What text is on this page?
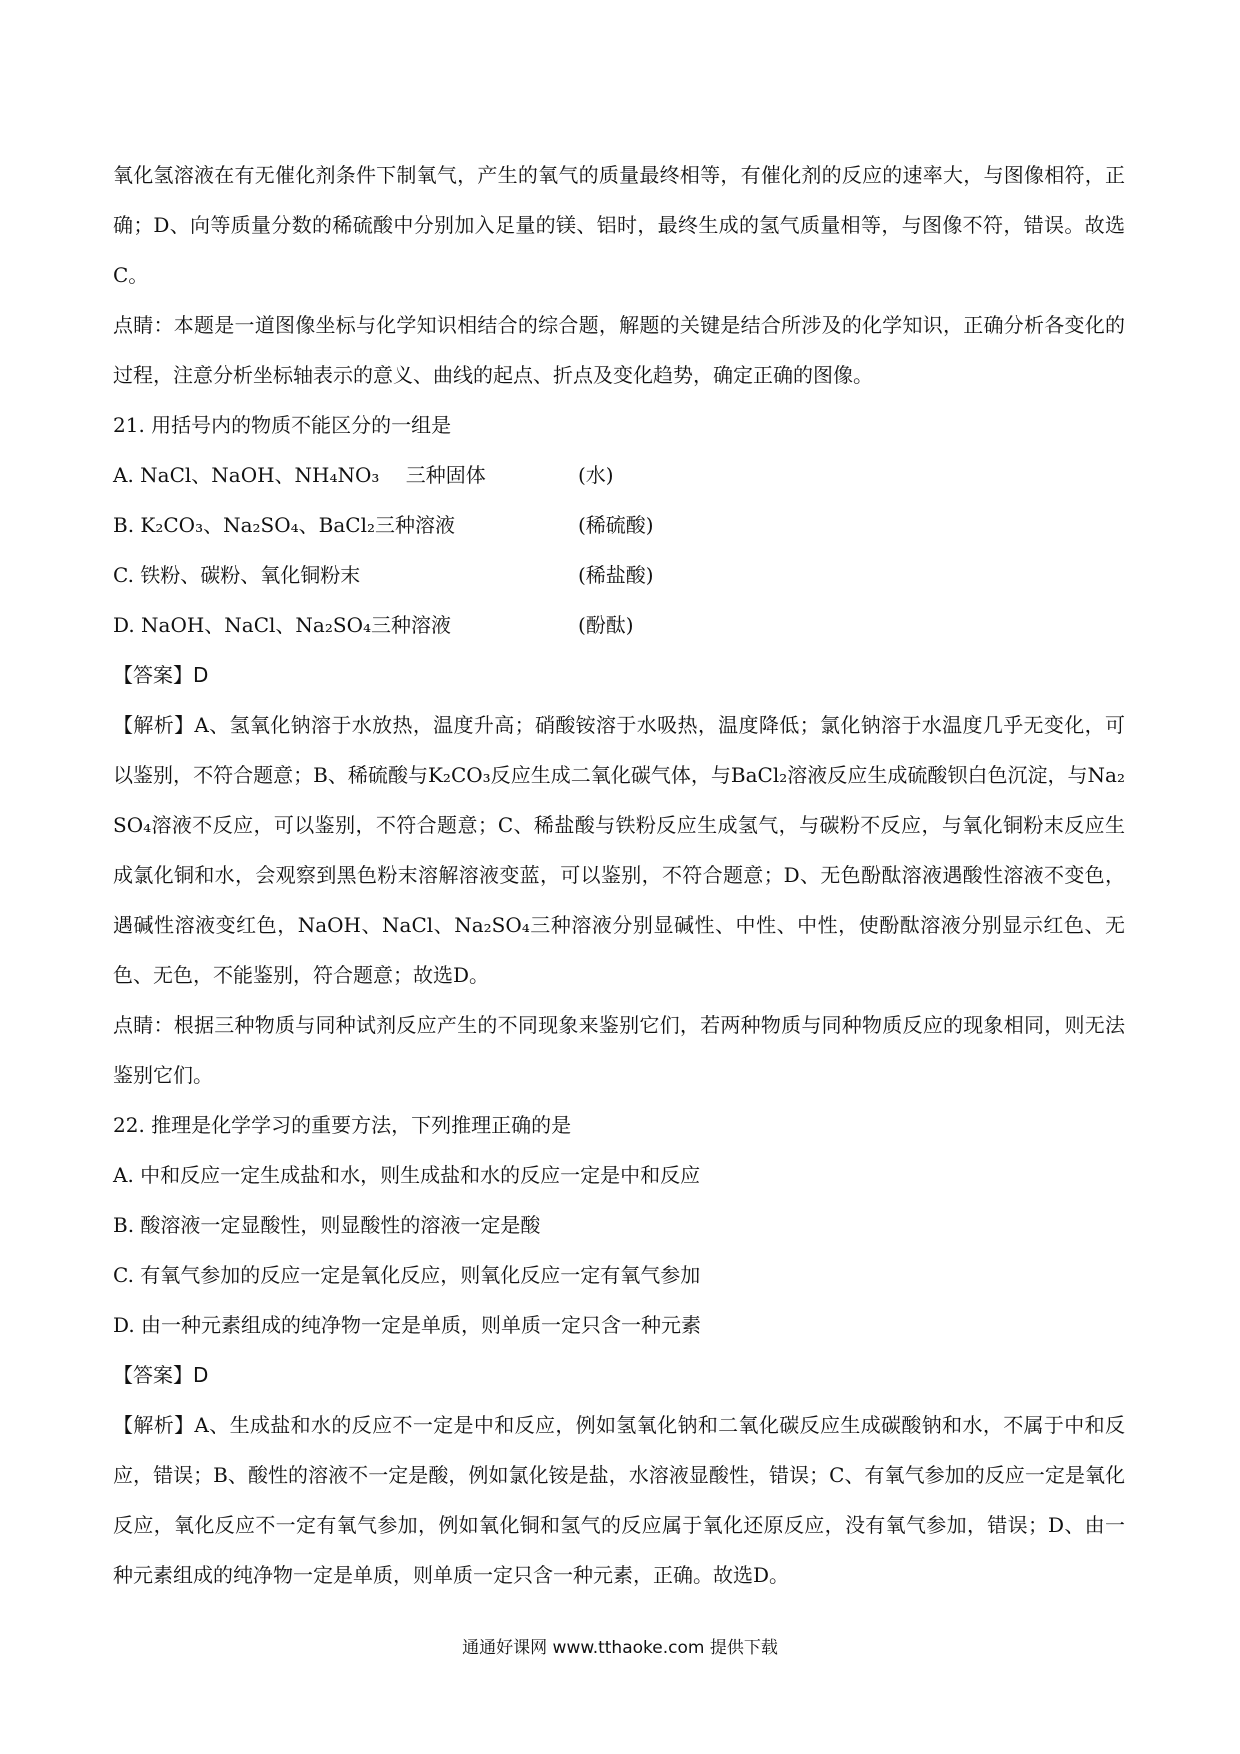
氧化氢溶液在有无催化剂条件下制氧气，产生的氧气的质量最终相等，有催化剂的反应的速率大，与图像相符，正确；D、向等质量分数的稀硫酸中分别加入足量的镁、铝时，最终生成的氢气质量相等，与图像不符，错误。故选C。

点睛：本题是一道图像坐标与化学知识相结合的综合题，解题的关键是结合所涉及的化学知识，正确分析各变化的过程，注意分析坐标轴表示的意义、曲线的起点、折点及变化趋势，确定正确的图像。

21. 用括号内的物质不能区分的一组是

A. NaCl、NaOH、NH₄NO₃　 三种固体	(水)
B. K₂CO₃、Na₂SO₄、BaCl₂三种溶液	(稀硫酸)
C. 铁粉、碳粉、氧化铜粉末	(稀盐酸)
D. NaOH、NaCl、Na₂SO₄三种溶液	(酚酞)

【答案】D

【解析】A、氢氧化钠溶于水放热，温度升高；硝酸铵溶于水吸热，温度降低；氯化钠溶于水温度几乎无变化，可以鉴别，不符合题意；B、稀硫酸与K₂CO₃反应生成二氧化碳气体，与BaCl₂溶液反应生成硫酸钡白色沉淀，与Na₂SO₄溶液不反应，可以鉴别，不符合题意；C、稀盐酸与铁粉反应生成氢气，与碳粉不反应，与氧化铜粉末反应生成氯化铜和水，会观察到黑色粉末溶解溶液变蓝，可以鉴别，不符合题意；D、无色酚酞溶液遇酸性溶液不变色，遇碱性溶液变红色，NaOH、NaCl、Na₂SO₄三种溶液分别显碱性、中性、中性，使酚酞溶液分别显示红色、无色、无色，不能鉴别，符合题意；故选D。

点睛：根据三种物质与同种试剂反应产生的不同现象来鉴别它们，若两种物质与同种物质反应的现象相同，则无法鉴别它们。

22. 推理是化学学习的重要方法，下列推理正确的是

A. 中和反应一定生成盐和水，则生成盐和水的反应一定是中和反应

B. 酸溶液一定显酸性，则显酸性的溶液一定是酸

C. 有氧气参加的反应一定是氧化反应，则氧化反应一定有氧气参加

D. 由一种元素组成的纯净物一定是单质，则单质一定只含一种元素

【答案】D

【解析】A、生成盐和水的反应不一定是中和反应，例如氢氧化钠和二氧化碳反应生成碳酸钠和水，不属于中和反应，错误；B、酸性的溶液不一定是酸，例如氯化铵是盐，水溶液显酸性，错误；C、有氧气参加的反应一定是氧化反应，氧化反应不一定有氧气参加，例如氧化铜和氢气的反应属于氧化还原反应，没有氧气参加，错误；D、由一种元素组成的纯净物一定是单质，则单质一定只含一种元素，正确。故选D。

通通好课网 www.tthaoke.com 提供下载
